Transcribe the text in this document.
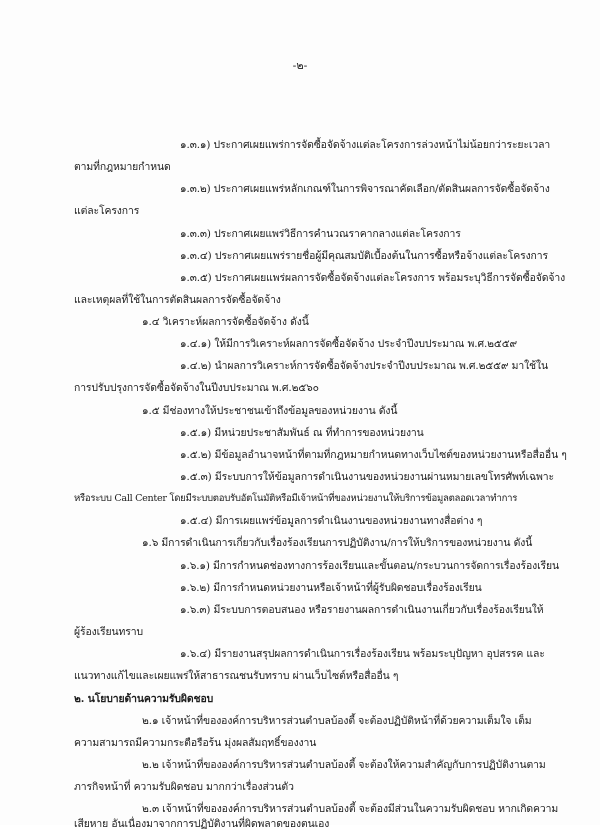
-๒-
๑.๓.๑) ประกาศเผยแพร่การจัดซื้อจัดจ้างแต่ละโครงการล่วงหน้าไม่น้อยกว่าระยะเวลา
ตามที่กฎหมายกำหนด
๑.๓.๒) ประกาศเผยแพร่หลักเกณฑ์ในการพิจารณาคัดเลือก/ตัดสินผลการจัดซื้อจัดจ้าง
แต่ละโครงการ
๑.๓.๓) ประกาศเผยแพร่วิธีการคำนวณราคากลางแต่ละโครงการ
๑.๓.๔) ประกาศเผยแพร่รายชื่อผู้มีคุณสมบัติเบื้องต้นในการซื้อหรือจ้างแต่ละโครงการ
๑.๓.๕) ประกาศเผยแพร่ผลการจัดซื้อจัดจ้างแต่ละโครงการ พร้อมระบุวิธีการจัดซื้อจัดจ้าง
และเหตุผลที่ใช้ในการตัดสินผลการจัดซื้อจัดจ้าง
๑.๔ วิเคราะห์ผลการจัดซื้อจัดจ้าง ดังนี้
๑.๔.๑) ให้มีการวิเคราะห์ผลการจัดซื้อจัดจ้าง ประจำปีงบประมาณ พ.ศ.๒๕๕๙
๑.๔.๒) นำผลการวิเคราะห์การจัดซื้อจัดจ้างประจำปีงบประมาณ พ.ศ.๒๕๕๙ มาใช้ใน
การปรับปรุงการจัดซื้อจัดจ้างในปีงบประมาณ พ.ศ.๒๕๖๐
๑.๕ มีช่องทางให้ประชาชนเข้าถึงข้อมูลของหน่วยงาน ดังนี้
๑.๕.๑) มีหน่วยประชาสัมพันธ์ ณ ที่ทำการของหน่วยงาน
๑.๕.๒) มีข้อมูลอำนาจหน้าที่ตามที่กฎหมายกำหนดทางเว็บไซต์ของหน่วยงานหรือสื่ออื่น ๆ
๑.๕.๓) มีระบบการให้ข้อมูลการดำเนินงานของหน่วยงานผ่านหมายเลขโทรศัพท์เฉพาะ
หรือระบบ Call Center โดยมีระบบตอบรับอัตโนมัติหรือมีเจ้าหน้าที่ของหน่วยงานให้บริการข้อมูลตลอดเวลาทำการ
๑.๕.๔) มีการเผยแพร่ข้อมูลการดำเนินงานของหน่วยงานทางสื่อต่าง ๆ
๑.๖ มีการดำเนินการเกี่ยวกับเรื่องร้องเรียนการปฏิบัติงาน/การให้บริการของหน่วยงาน ดังนี้
๑.๖.๑) มีการกำหนดช่องทางการร้องเรียนและขั้นตอน/กระบวนการจัดการเรื่องร้องเรียน
๑.๖.๒) มีการกำหนดหน่วยงานหรือเจ้าหน้าที่ผู้รับผิดชอบเรื่องร้องเรียน
๑.๖.๓) มีระบบการตอบสนอง หรือรายงานผลการดำเนินงานเกี่ยวกับเรื่องร้องเรียนให้
ผู้ร้องเรียนทราบ
๑.๖.๔) มีรายงานสรุปผลการดำเนินการเรื่องร้องเรียน พร้อมระบุปัญหา อุปสรรค และ
แนวทางแก้ไขและเผยแพร่ให้สาธารณชนรับทราบ ผ่านเว็บไซต์หรือสื่ออื่น ๆ
๒. นโยบายด้านความรับผิดชอบ
๒.๑ เจ้าหน้าที่ขององค์การบริหารส่วนตำบลบ้องตี้ จะต้องปฏิบัติหน้าที่ด้วยความเต็มใจ เต็ม
ความสามารถมีความกระตือรือร้น มุ่งผลสัมฤทธิ์ของงาน
๒.๒ เจ้าหน้าที่ขององค์การบริหารส่วนตำบลบ้องตี้ จะต้องให้ความสำคัญกับการปฏิบัติงานตาม
ภารกิจหน้าที่ ความรับผิดชอบ มากกว่าเรื่องส่วนตัว
๒.๓ เจ้าหน้าที่ขององค์การบริหารส่วนตำบลบ้องตี้ จะต้องมีส่วนในความรับผิดชอบ หากเกิดความ
เสียหาย อันเนื่องมาจากการปฏิบัติงานที่ผิดพลาดของตนเอง
